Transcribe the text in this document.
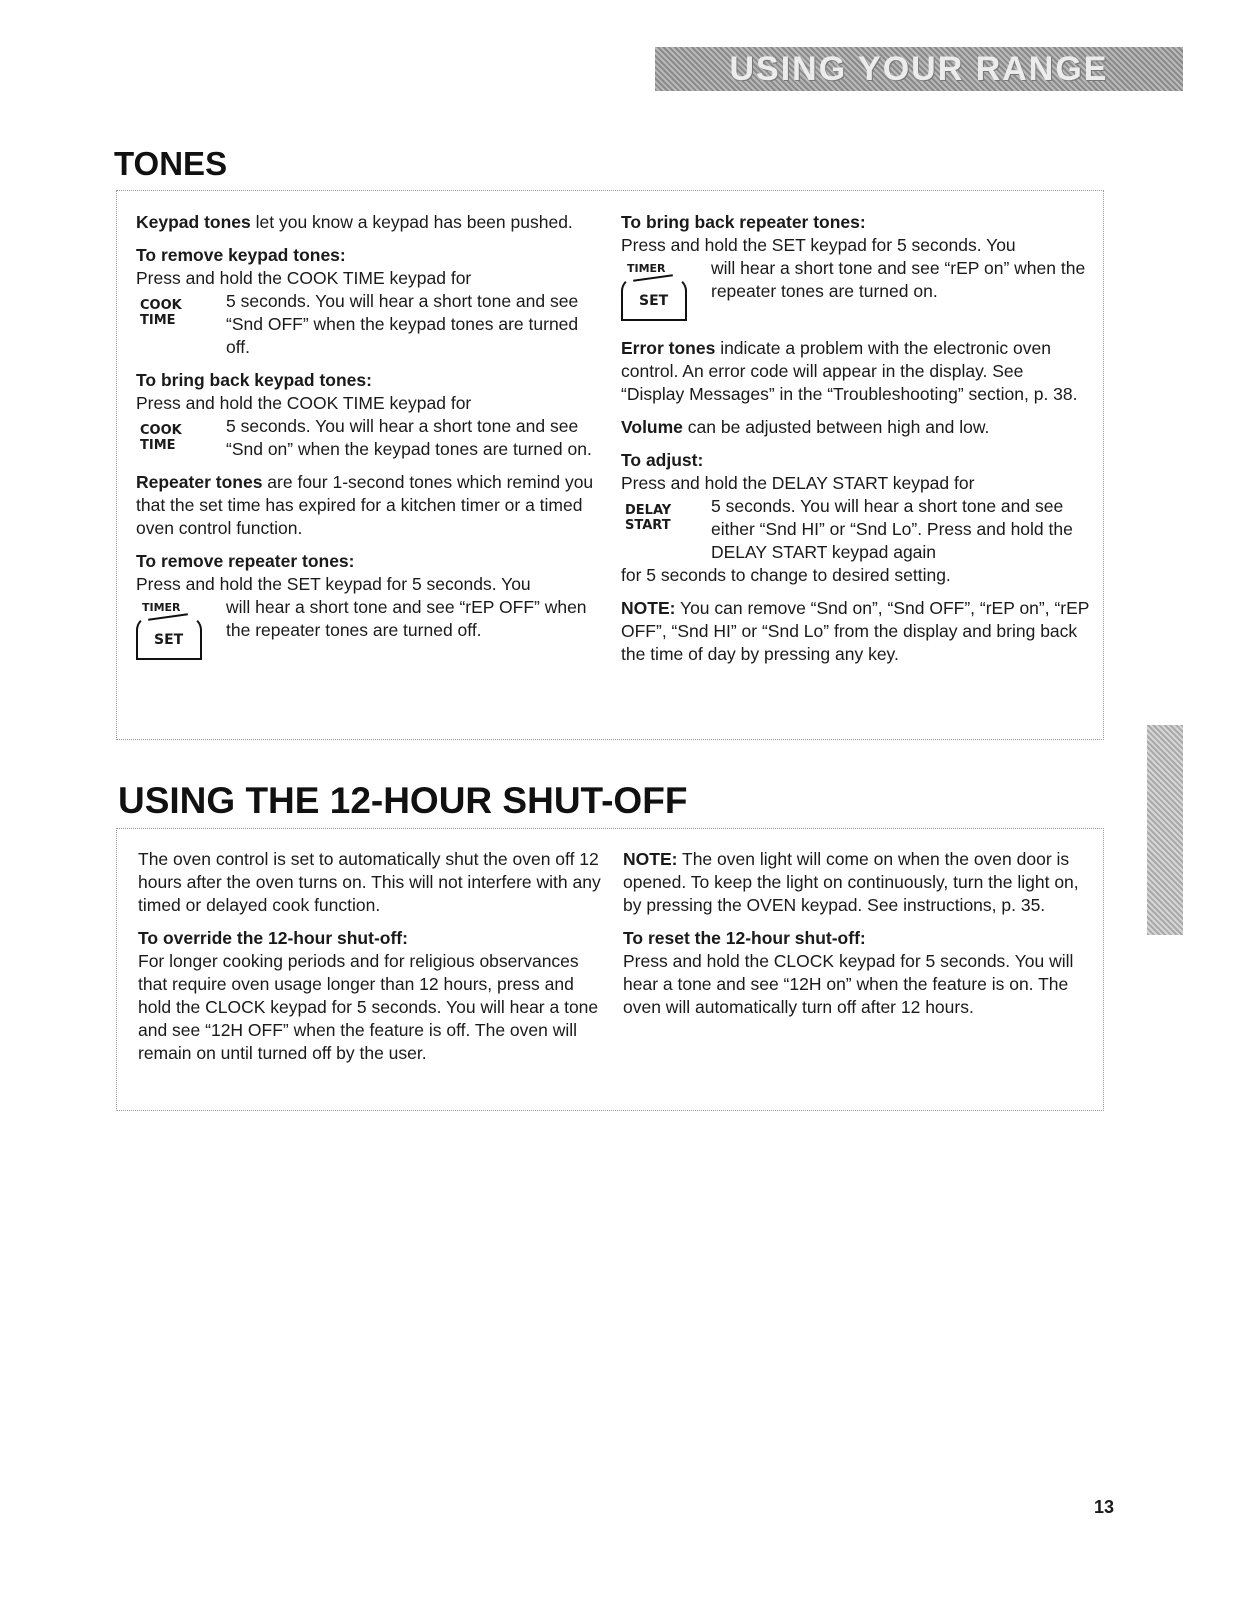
USING YOUR RANGE
TONES

Keypad tones let you know a keypad has been pushed.

To remove keypad tones:

Press and hold the COOK TIME keypad for

COOK
TIME

5 seconds. You will hear a short tone and see “Snd OFF” when the keypad tones are turned off.

To bring back keypad tones:

Press and hold the COOK TIME keypad for

COOK
TIME

5 seconds. You will hear a short tone and see “Snd on” when the keypad tones are turned on.

Repeater tones are four 1-second tones which remind you that the set time has expired for a kitchen timer or a timed oven control function.

To remove repeater tones:

Press and hold the SET keypad for 5 seconds. You

TIMER
SET

will hear a short tone and see “rEP OFF” when the repeater tones are turned off.

To bring back repeater tones:

Press and hold the SET keypad for 5 seconds. You

TIMER
SET

will hear a short tone and see “rEP on” when the repeater tones are turned on.

Error tones indicate a problem with the electronic oven control. An error code will appear in the display. See “Display Messages” in the “Troubleshooting” section, p. 38.

Volume can be adjusted between high and low.

To adjust:

Press and hold the DELAY START keypad for

DELAY
START

5 seconds. You will hear a short tone and see either “Snd HI” or “Snd Lo”. Press and hold the DELAY START keypad again

for 5 seconds to change to desired setting.

NOTE: You can remove “Snd on”, “Snd OFF”, “rEP on”, “rEP OFF”, “Snd HI” or “Snd Lo” from the display and bring back the time of day by pressing any key.

USING THE 12-HOUR SHUT-OFF

The oven control is set to automatically shut the oven off 12 hours after the oven turns on. This will not interfere with any timed or delayed cook function.

To override the 12-hour shut-off:

For longer cooking periods and for religious observances that require oven usage longer than 12 hours, press and hold the CLOCK keypad for 5 seconds. You will hear a tone and see “12H OFF” when the feature is off. The oven will remain on until turned off by the user.

NOTE: The oven light will come on when the oven door is opened. To keep the light on continuously, turn the light on, by pressing the OVEN keypad. See instructions, p. 35.

To reset the 12-hour shut-off:

Press and hold the CLOCK keypad for 5 seconds. You will hear a tone and see “12H on” when the feature is on. The oven will automatically turn off after 12 hours.

13
